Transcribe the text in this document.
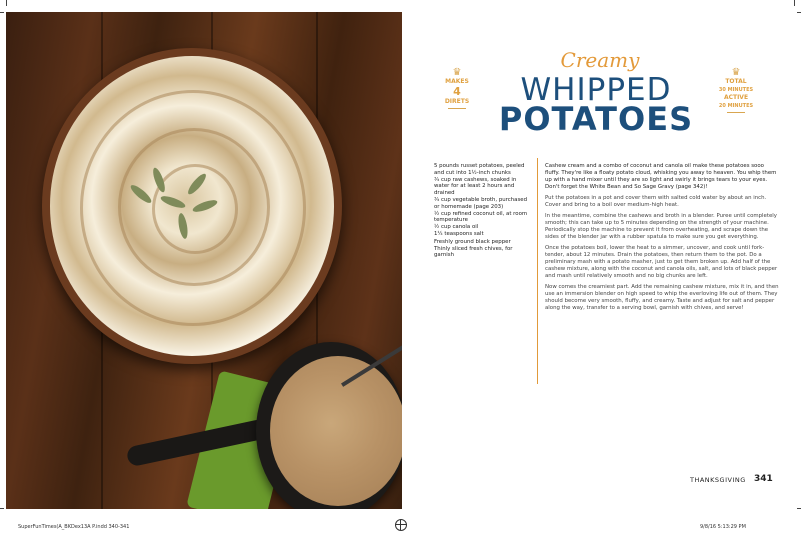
♛
MAKES
4
DIRETS
Creamy
WHIPPED
POTATOES
♛
TOTAL
30 MINUTES
ACTIVE
20 MINUTES
5 pounds russet potatoes, peeled and cut into 1½-inch chunks
¾ cup raw cashews, soaked in water for at least 2 hours and drained
¾ cup vegetable broth, purchased or homemade (page 203)
½ cup refined coconut oil, at room temperature
½ cup canola oil
1¼ teaspoons salt
Freshly ground black pepper
Thinly sliced fresh chives, for garnish

Cashew cream and a combo of coconut and canola oil make these potatoes sooo fluffy. They're like a floaty potato cloud, whisking you away to heaven. You whip them up with a hand mixer until they are so light and swirly it brings tears to your eyes. Don't forget the White Bean and So Sage Gravy (page 342)!

Put the potatoes in a pot and cover them with salted cold water by about an inch. Cover and bring to a boil over medium-high heat.

In the meantime, combine the cashews and broth in a blender. Puree until completely smooth; this can take up to 5 minutes depending on the strength of your machine. Periodically stop the machine to prevent it from overheating, and scrape down the sides of the blender jar with a rubber spatula to make sure you get everything.

Once the potatoes boil, lower the heat to a simmer, uncover, and cook until fork-tender, about 12 minutes. Drain the potatoes, then return them to the pot. Do a preliminary mash with a potato masher, just to get them broken up. Add half of the cashew mixture, along with the coconut and canola oils, salt, and lots of black pepper and mash until relatively smooth and no big chunks are left.

Now comes the creamiest part. Add the remaining cashew mixture, mix it in, and then use an immersion blender on high speed to whip the everloving life out of them. They should become very smooth, fluffy, and creamy. Taste and adjust for salt and pepper along the way, transfer to a serving bowl, garnish with chives, and serve!

THANKSGIVING 341
SuperFunTimes(A_BKDex13A P.indd 340-341	9/8/16 5:13:29 PM
